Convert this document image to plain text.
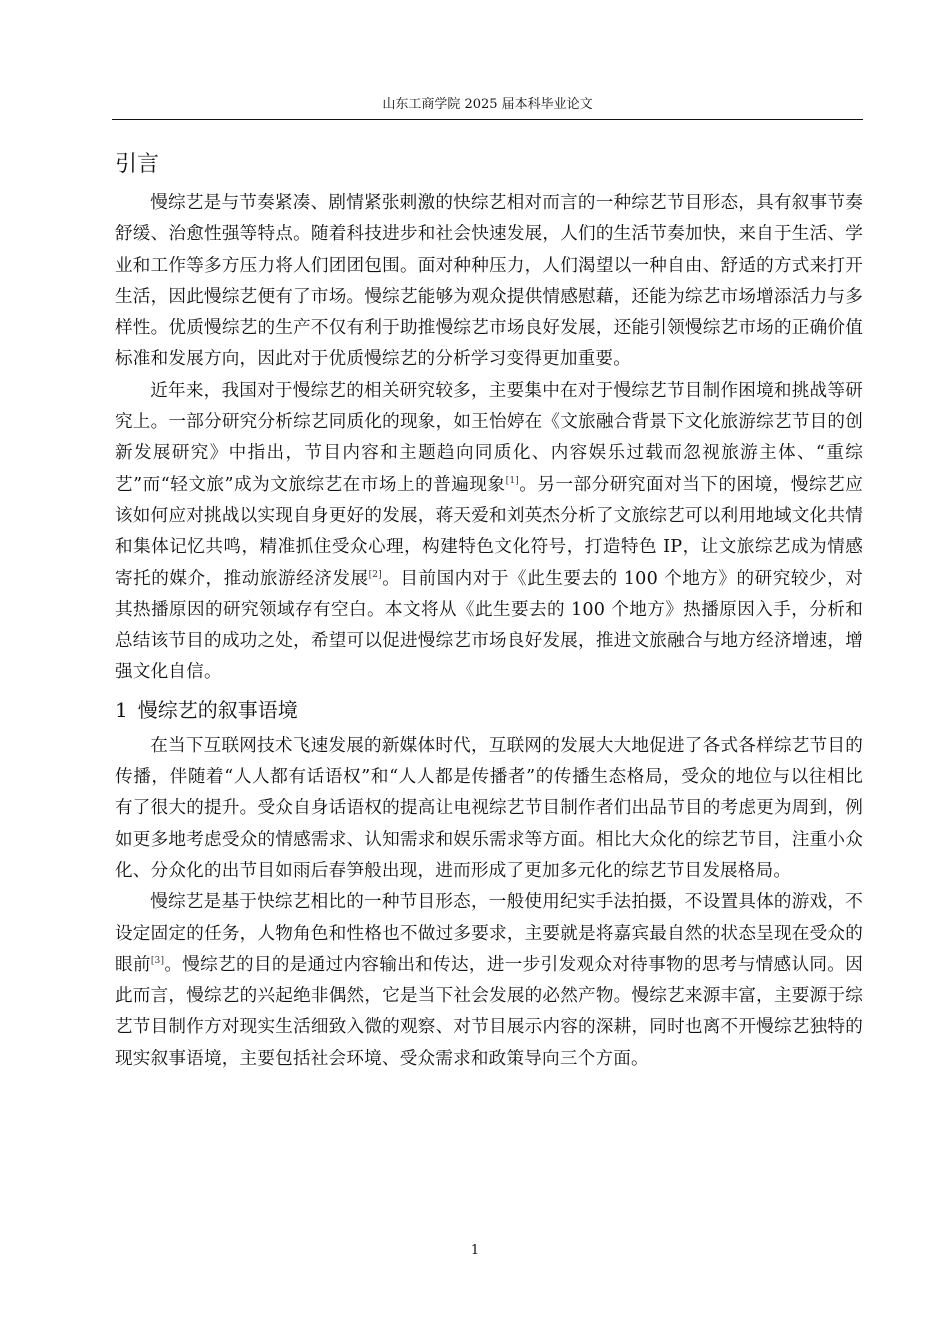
山东工商学院 2025 届本科毕业论文
引言

慢综艺是与节奏紧凑、剧情紧张刺激的快综艺相对而言的一种综艺节目形态，具有叙事节奏舒缓、治愈性强等特点。随着科技进步和社会快速发展，人们的生活节奏加快，来自于生活、学业和工作等多方压力将人们团团包围。面对种种压力，人们渴望以一种自由、舒适的方式来打开生活，因此慢综艺便有了市场。慢综艺能够为观众提供情感慰藉，还能为综艺市场增添活力与多样性。优质慢综艺的生产不仅有利于助推慢综艺市场良好发展，还能引领慢综艺市场的正确价值标准和发展方向，因此对于优质慢综艺的分析学习变得更加重要。

近年来，我国对于慢综艺的相关研究较多，主要集中在对于慢综艺节目制作困境和挑战等研究上。一部分研究分析综艺同质化的现象，如王怡婷在《文旅融合背景下文化旅游综艺节目的创新发展研究》中指出，节目内容和主题趋向同质化、内容娱乐过载而忽视旅游主体、“重综艺”而“轻文旅”成为文旅综艺在市场上的普遍现象[1]。另一部分研究面对当下的困境，慢综艺应该如何应对挑战以实现自身更好的发展，蒋天爱和刘英杰分析了文旅综艺可以利用地域文化共情和集体记忆共鸣，精准抓住受众心理，构建特色文化符号，打造特色 IP，让文旅综艺成为情感寄托的媒介，推动旅游经济发展[2]。目前国内对于《此生要去的 100 个地方》的研究较少，对其热播原因的研究领域存有空白。本文将从《此生要去的 100 个地方》热播原因入手，分析和总结该节目的成功之处，希望可以促进慢综艺市场良好发展，推进文旅融合与地方经济增速，增强文化自信。

1 慢综艺的叙事语境

在当下互联网技术飞速发展的新媒体时代，互联网的发展大大地促进了各式各样综艺节目的传播，伴随着“人人都有话语权”和“人人都是传播者”的传播生态格局，受众的地位与以往相比有了很大的提升。受众自身话语权的提高让电视综艺节目制作者们出品节目的考虑更为周到，例如更多地考虑受众的情感需求、认知需求和娱乐需求等方面。相比大众化的综艺节目，注重小众化、分众化的出节目如雨后春笋般出现，进而形成了更加多元化的综艺节目发展格局。

慢综艺是基于快综艺相比的一种节目形态，一般使用纪实手法拍摄，不设置具体的游戏，不设定固定的任务，人物角色和性格也不做过多要求，主要就是将嘉宾最自然的状态呈现在受众的眼前[3]。慢综艺的目的是通过内容输出和传达，进一步引发观众对待事物的思考与情感认同。因此而言，慢综艺的兴起绝非偶然，它是当下社会发展的必然产物。慢综艺来源丰富，主要源于综艺节目制作方对现实生活细致入微的观察、对节目展示内容的深耕，同时也离不开慢综艺独特的现实叙事语境，主要包括社会环境、受众需求和政策导向三个方面。

1
